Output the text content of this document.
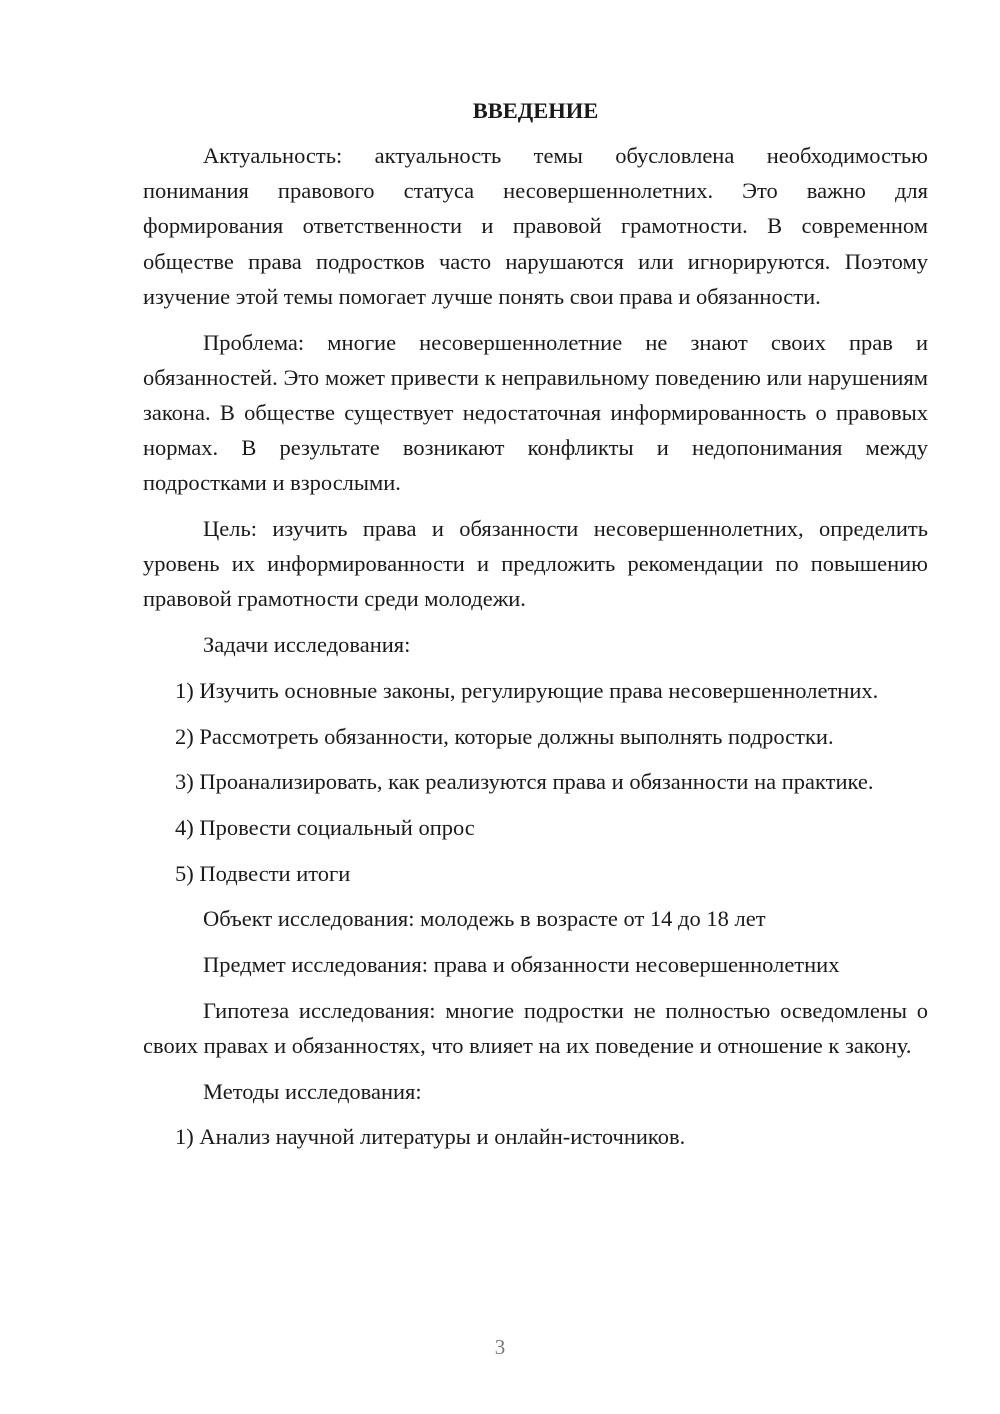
ВВЕДЕНИЕ

Актуальность: актуальность темы обусловлена необходимостью понимания правового статуса несовершеннолетних. Это важно для формирования ответственности и правовой грамотности. В современном обществе права подростков часто нарушаются или игнорируются. Поэтому изучение этой темы помогает лучше понять свои права и обязанности.

Проблема: многие несовершеннолетние не знают своих прав и обязанностей. Это может привести к неправильному поведению или нарушениям закона. В обществе существует недостаточная информированность о правовых нормах. В результате возникают конфликты и недопонимания между подростками и взрослыми.

Цель: изучить права и обязанности несовершеннолетних, определить уровень их информированности и предложить рекомендации по повышению правовой грамотности среди молодежи.

Задачи исследования:

1) Изучить основные законы, регулирующие права несовершеннолетних.

2) Рассмотреть обязанности, которые должны выполнять подростки.

3) Проанализировать, как реализуются права и обязанности на практике.

4) Провести социальный опрос

5) Подвести итоги

Объект исследования: молодежь в возрасте от 14 до 18 лет

Предмет исследования: права и обязанности несовершеннолетних

Гипотеза исследования: многие подростки не полностью осведомлены о своих правах и обязанностях, что влияет на их поведение и отношение к закону.

Методы исследования:

1) Анализ научной литературы и онлайн-источников.

3
